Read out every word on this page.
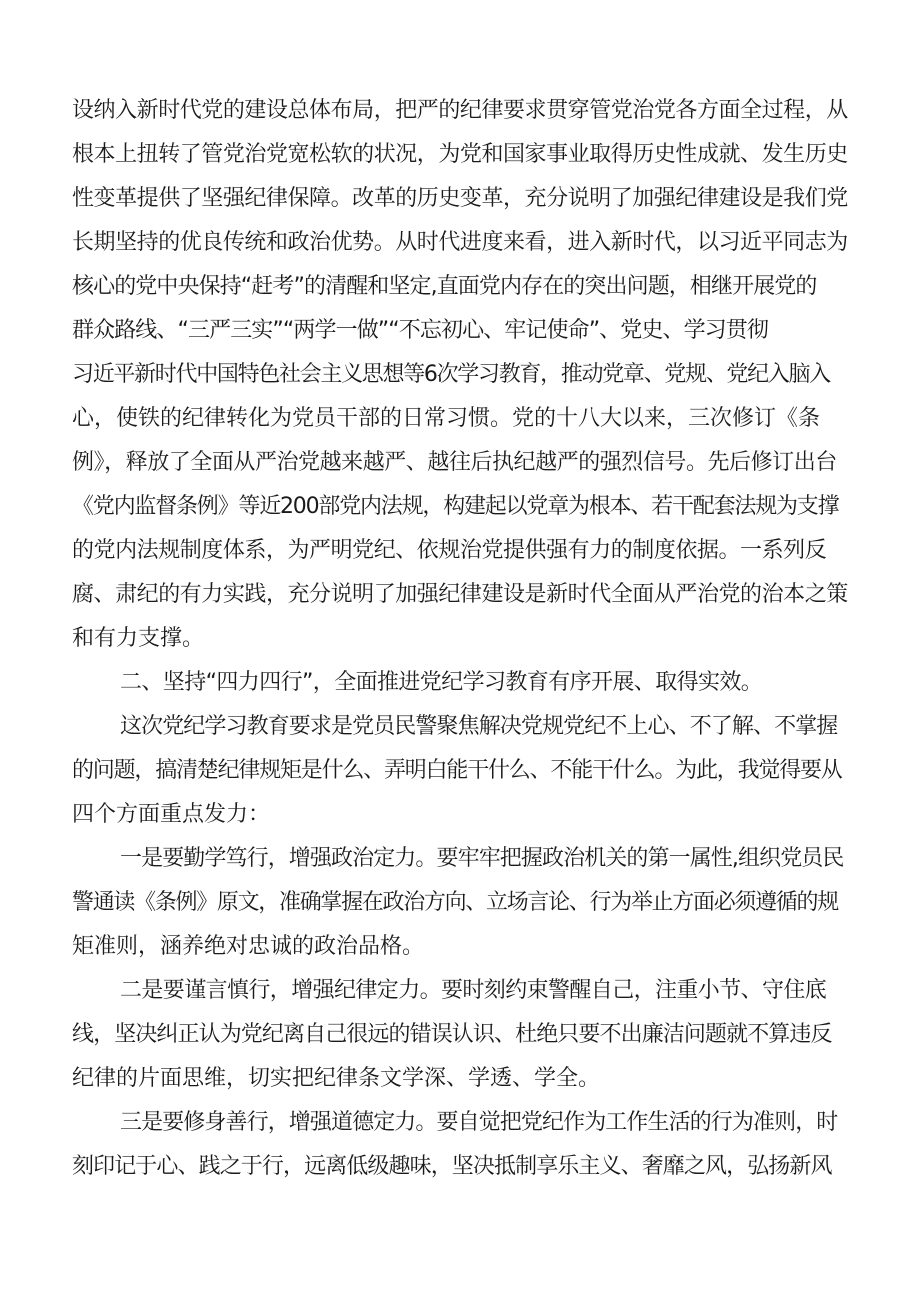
设纳入新时代党的建设总体布局，把严的纪律要求贯穿管党治党各方面全过程，从
根本上扭转了管党治党宽松软的状况，为党和国家事业取得历史性成就、发生历史
性变革提供了坚强纪律保障。改革的历史变革，充分说明了加强纪律建设是我们党
长期坚持的优良传统和政治优势。从时代进度来看，进入新时代，以习近平同志为
核心的党中央保持“赶考”的清醒和坚定,直面党内存在的突出问题，相继开展党的
群众路线、“三严三实”“两学一做”“不忘初心、牢记使命”、党史、学习贯彻
习近平新时代中国特色社会主义思想等6次学习教育，推动党章、党规、党纪入脑入
心，使铁的纪律转化为党员干部的日常习惯。党的十八大以来，三次修订《条
例》，释放了全面从严治党越来越严、越往后执纪越严的强烈信号。先后修订出台
《党内监督条例》等近200部党内法规，构建起以党章为根本、若干配套法规为支撑
的党内法规制度体系，为严明党纪、依规治党提供强有力的制度依据。一系列反
腐、肃纪的有力实践，充分说明了加强纪律建设是新时代全面从严治党的治本之策
和有力支撑。
二、坚持“四力四行”，全面推进党纪学习教育有序开展、取得实效。
这次党纪学习教育要求是党员民警聚焦解决党规党纪不上心、不了解、不掌握
的问题，搞清楚纪律规矩是什么、弄明白能干什么、不能干什么。为此，我觉得要从
四个方面重点发力：
一是要勤学笃行，增强政治定力。要牢牢把握政治机关的第一属性,组织党员民
警通读《条例》原文，准确掌握在政治方向、立场言论、行为举止方面必须遵循的规
矩准则，涵养绝对忠诚的政治品格。
二是要谨言慎行，增强纪律定力。要时刻约束警醒自己，注重小节、守住底
线，坚决纠正认为党纪离自己很远的错误认识、杜绝只要不出廉洁问题就不算违反
纪律的片面思维，切实把纪律条文学深、学透、学全。
三是要修身善行，增强道德定力。要自觉把党纪作为工作生活的行为准则，时
刻印记于心、践之于行，远离低级趣味，坚决抵制享乐主义、奢靡之风，弘扬新风
